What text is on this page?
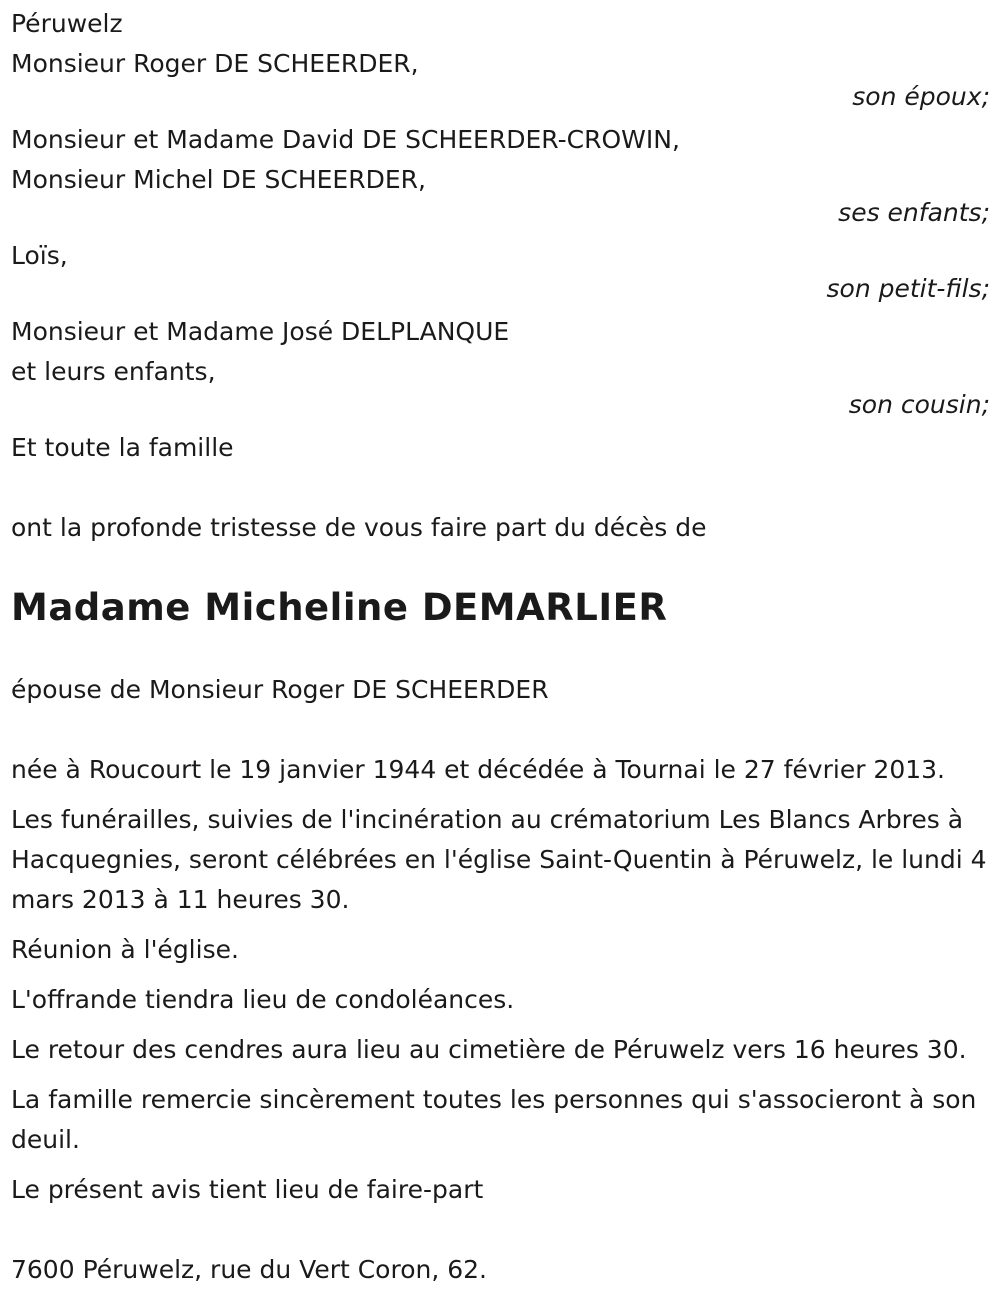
Péruwelz

Monsieur Roger DE SCHEERDER,

son époux;

Monsieur et Madame David DE SCHEERDER-CROWIN,

Monsieur Michel DE SCHEERDER,

ses enfants;

Loïs,

son petit-fils;

Monsieur et Madame José DELPLANQUE

et leurs enfants,

son cousin;

Et toute la famille

ont la profonde tristesse de vous faire part du décès de

Madame Micheline DEMARLIER

épouse de Monsieur Roger DE SCHEERDER

née à Roucourt le 19 janvier 1944 et décédée à Tournai le 27 février 2013.

Les funérailles, suivies de l'incinération au crématorium Les Blancs Arbres à Hacquegnies, seront célébrées en l'église Saint-Quentin à Péruwelz, le lundi 4 mars 2013 à 11 heures 30.

Réunion à l'église.

L'offrande tiendra lieu de condoléances.

Le retour des cendres aura lieu au cimetière de Péruwelz vers 16 heures 30.

La famille remercie sincèrement toutes les personnes qui s'associeront à son deuil.

Le présent avis tient lieu de faire-part

7600 Péruwelz, rue du Vert Coron, 62.
